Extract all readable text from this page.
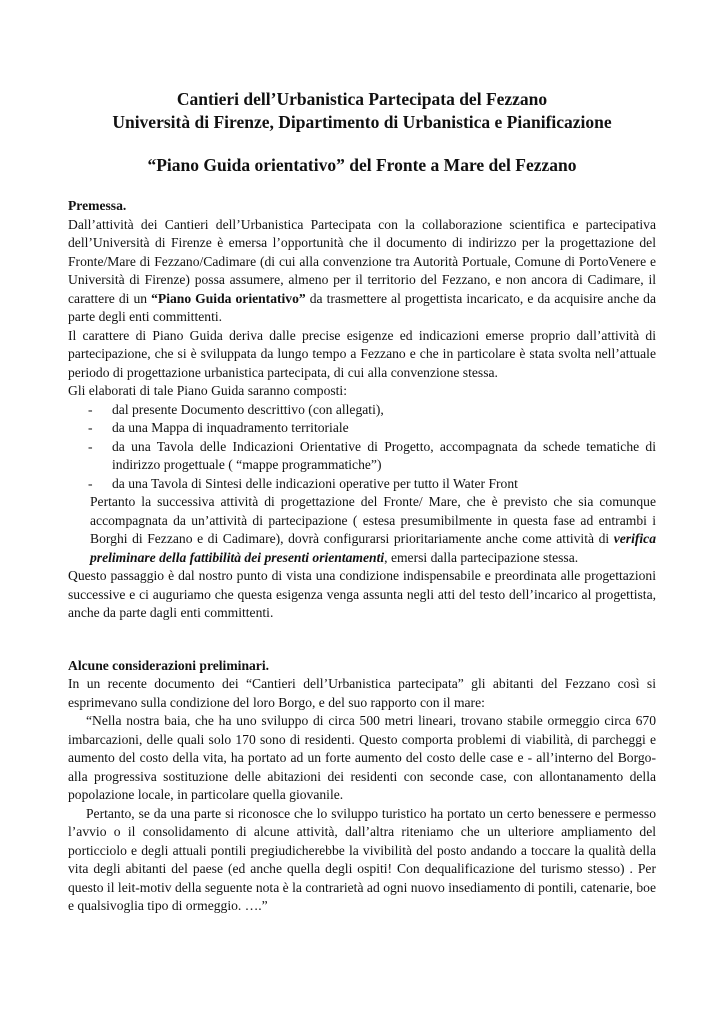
Cantieri dell’Urbanistica Partecipata del Fezzano
Università di Firenze, Dipartimento di Urbanistica e Pianificazione
“Piano Guida orientativo” del Fronte a Mare del Fezzano
Premessa.

Dall’attività dei Cantieri dell’Urbanistica Partecipata con la collaborazione scientifica e partecipativa dell’Università di Firenze è emersa l’opportunità che il documento di indirizzo per la progettazione del Fronte/Mare di Fezzano/Cadimare (di cui alla convenzione tra Autorità Portuale, Comune di PortoVenere e Università di Firenze) possa assumere, almeno per il territorio del Fezzano, e non ancora di Cadimare, il carattere di un “Piano Guida orientativo” da trasmettere al progettista incaricato, e da acquisire anche da parte degli enti committenti.

Il carattere di Piano Guida deriva dalle precise esigenze ed indicazioni emerse proprio dall’attività di partecipazione, che si è sviluppata da lungo tempo a Fezzano e che in particolare è stata svolta nell’attuale periodo di progettazione urbanistica partecipata, di cui alla convenzione stessa.

Gli elaborati di tale Piano Guida saranno composti:

- dal presente Documento descrittivo (con allegati),
- da una Mappa di inquadramento territoriale
- da una Tavola delle Indicazioni Orientative di Progetto, accompagnata da schede tematiche di indirizzo progettuale ( “mappe programmatiche”)
- da una Tavola di Sintesi delle indicazioni operative per tutto il Water Front

Pertanto la successiva attività di progettazione del Fronte/ Mare, che è previsto che sia comunque accompagnata da un’attività di partecipazione ( estesa presumibilmente in questa fase ad entrambi i Borghi di Fezzano e di Cadimare), dovrà configurarsi prioritariamente anche come attività di verifica preliminare della fattibilità dei presenti orientamenti, emersi dalla partecipazione stessa.

Questo passaggio è dal nostro punto di vista una condizione indispensabile e preordinata alle progettazioni successive e ci auguriamo che questa esigenza venga assunta negli atti del testo dell’incarico al progettista, anche da parte dagli enti committenti.

Alcune considerazioni preliminari.

In un recente documento dei “Cantieri dell’Urbanistica partecipata” gli abitanti del Fezzano così si esprimevano sulla condizione del loro Borgo, e del suo rapporto con il mare:

“Nella nostra baia, che ha uno sviluppo di circa 500 metri lineari, trovano stabile ormeggio circa 670 imbarcazioni, delle quali solo 170 sono di residenti. Questo comporta problemi di viabilità, di parcheggi e aumento del costo della vita, ha portato ad un forte aumento del costo delle case e - all’interno del Borgo- alla progressiva sostituzione delle abitazioni dei residenti con seconde case, con allontanamento della popolazione locale, in particolare quella giovanile.

Pertanto, se da una parte si riconosce che lo sviluppo turistico ha portato un certo benessere e permesso l’avvio o il consolidamento di alcune attività, dall’altra riteniamo che un ulteriore ampliamento del porticciolo e degli attuali pontili pregiudicherebbe la vivibilità del posto andando a toccare la qualità della vita degli abitanti del paese (ed anche quella degli ospiti! Con dequalificazione del turismo stesso) . Per questo il leit-motiv della seguente nota è la contrarietà ad ogni nuovo insediamento di pontili, catenarie, boe e qualsivoglia tipo di ormeggio. ….”
